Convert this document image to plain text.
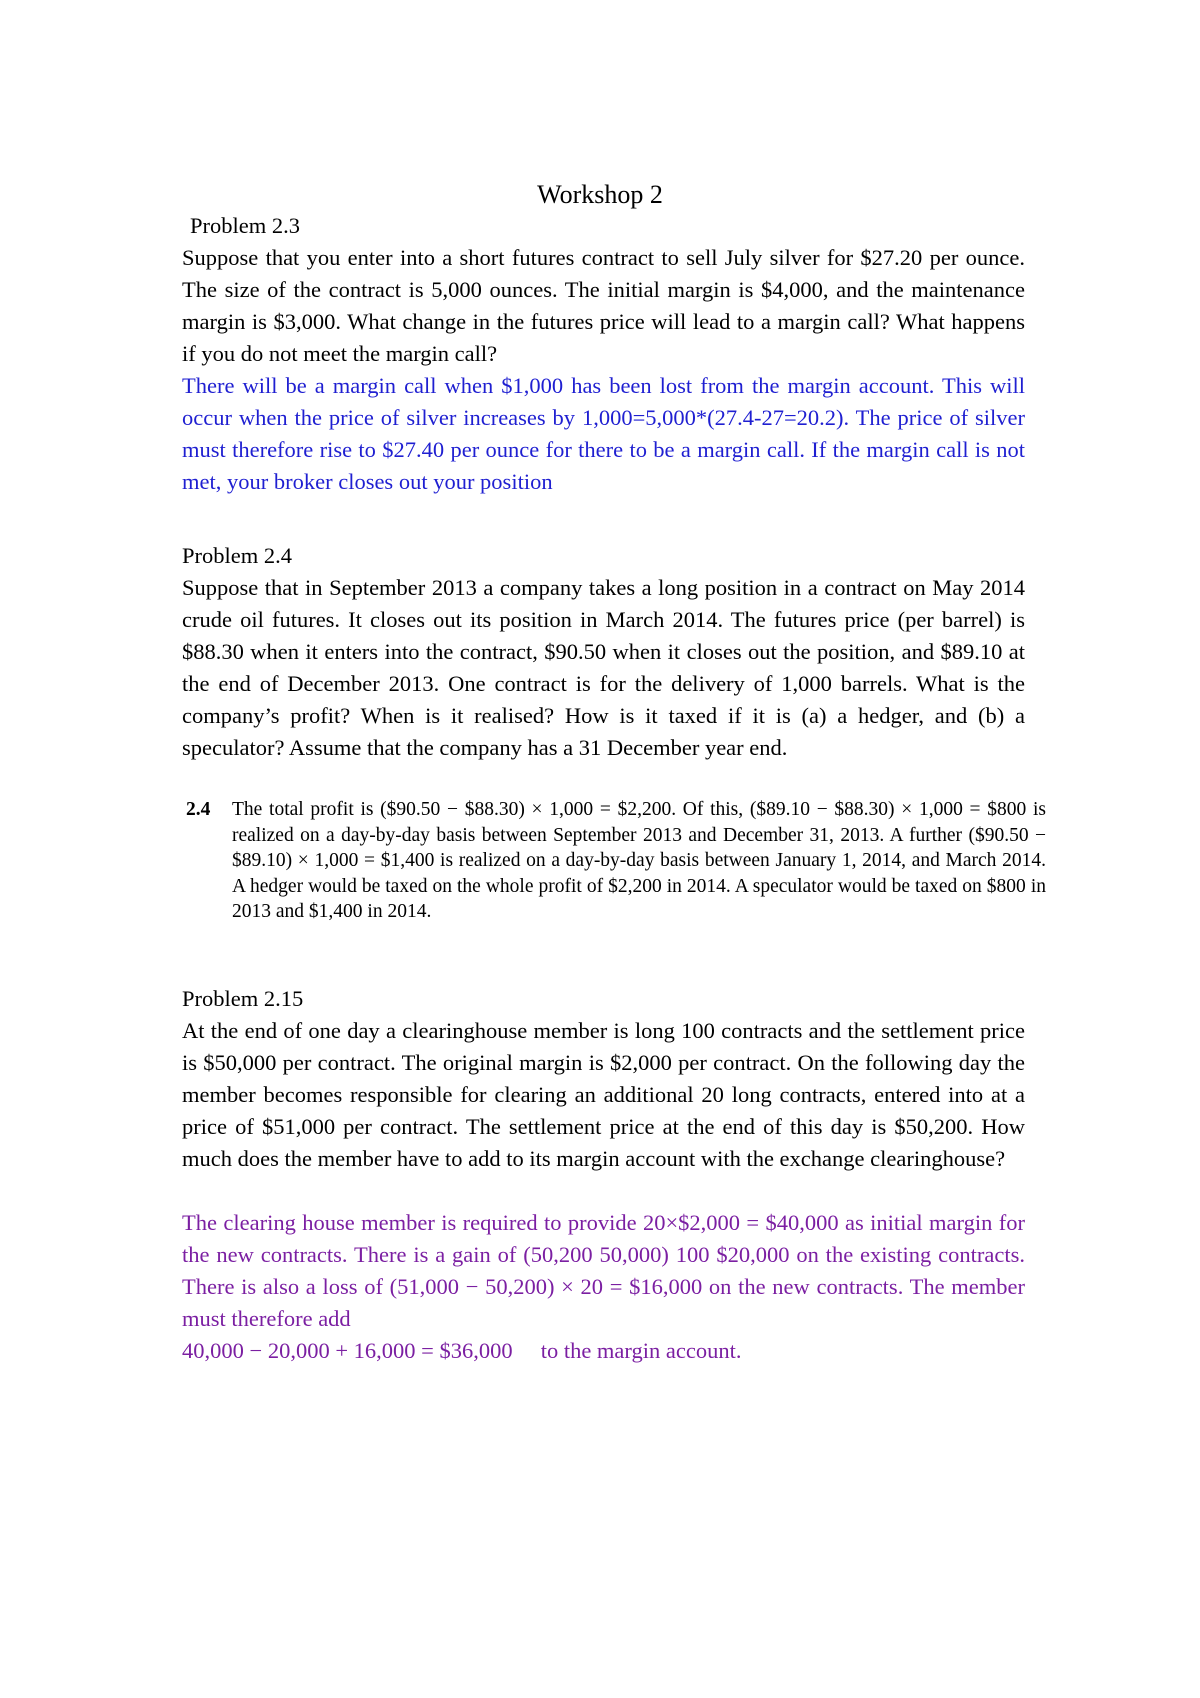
Workshop 2
Problem 2.3
Suppose that you enter into a short futures contract to sell July silver for $27.20 per ounce. The size of the contract is 5,000 ounces. The initial margin is $4,000, and the maintenance margin is $3,000. What change in the futures price will lead to a margin call? What happens if you do not meet the margin call?
There will be a margin call when $1,000 has been lost from the margin account. This will occur when the price of silver increases by 1,000=5,000*(27.4-27=20.2). The price of silver must therefore rise to $27.40 per ounce for there to be a margin call. If the margin call is not met, your broker closes out your position
Problem 2.4
Suppose that in September 2013 a company takes a long position in a contract on May 2014 crude oil futures. It closes out its position in March 2014. The futures price (per barrel) is $88.30 when it enters into the contract, $90.50 when it closes out the position, and $89.10 at the end of December 2013. One contract is for the delivery of 1,000 barrels. What is the company’s profit? When is it realised? How is it taxed if it is (a) a hedger, and (b) a speculator? Assume that the company has a 31 December year end.
2.4 The total profit is ($90.50 − $88.30) × 1,000 = $2,200. Of this, ($89.10 − $88.30) × 1,000 = $800 is realized on a day-by-day basis between September 2013 and December 31, 2013. A further ($90.50 − $89.10) × 1,000 = $1,400 is realized on a day-by-day basis between January 1, 2014, and March 2014. A hedger would be taxed on the whole profit of $2,200 in 2014. A speculator would be taxed on $800 in 2013 and $1,400 in 2014.
Problem 2.15
At the end of one day a clearinghouse member is long 100 contracts and the settlement price is $50,000 per contract. The original margin is $2,000 per contract. On the following day the member becomes responsible for clearing an additional 20 long contracts, entered into at a price of $51,000 per contract. The settlement price at the end of this day is $50,200. How much does the member have to add to its margin account with the exchange clearinghouse?
The clearing house member is required to provide 20×$2,000 = $40,000 as initial margin for the new contracts. There is a gain of (50,200 50,000) 100 $20,000 on the existing contracts. There is also a loss of (51,000 − 50,200) × 20 = $16,000 on the new contracts. The member must therefore add
40,000 − 20,000 + 16,000 = $36,000     to the margin account.
